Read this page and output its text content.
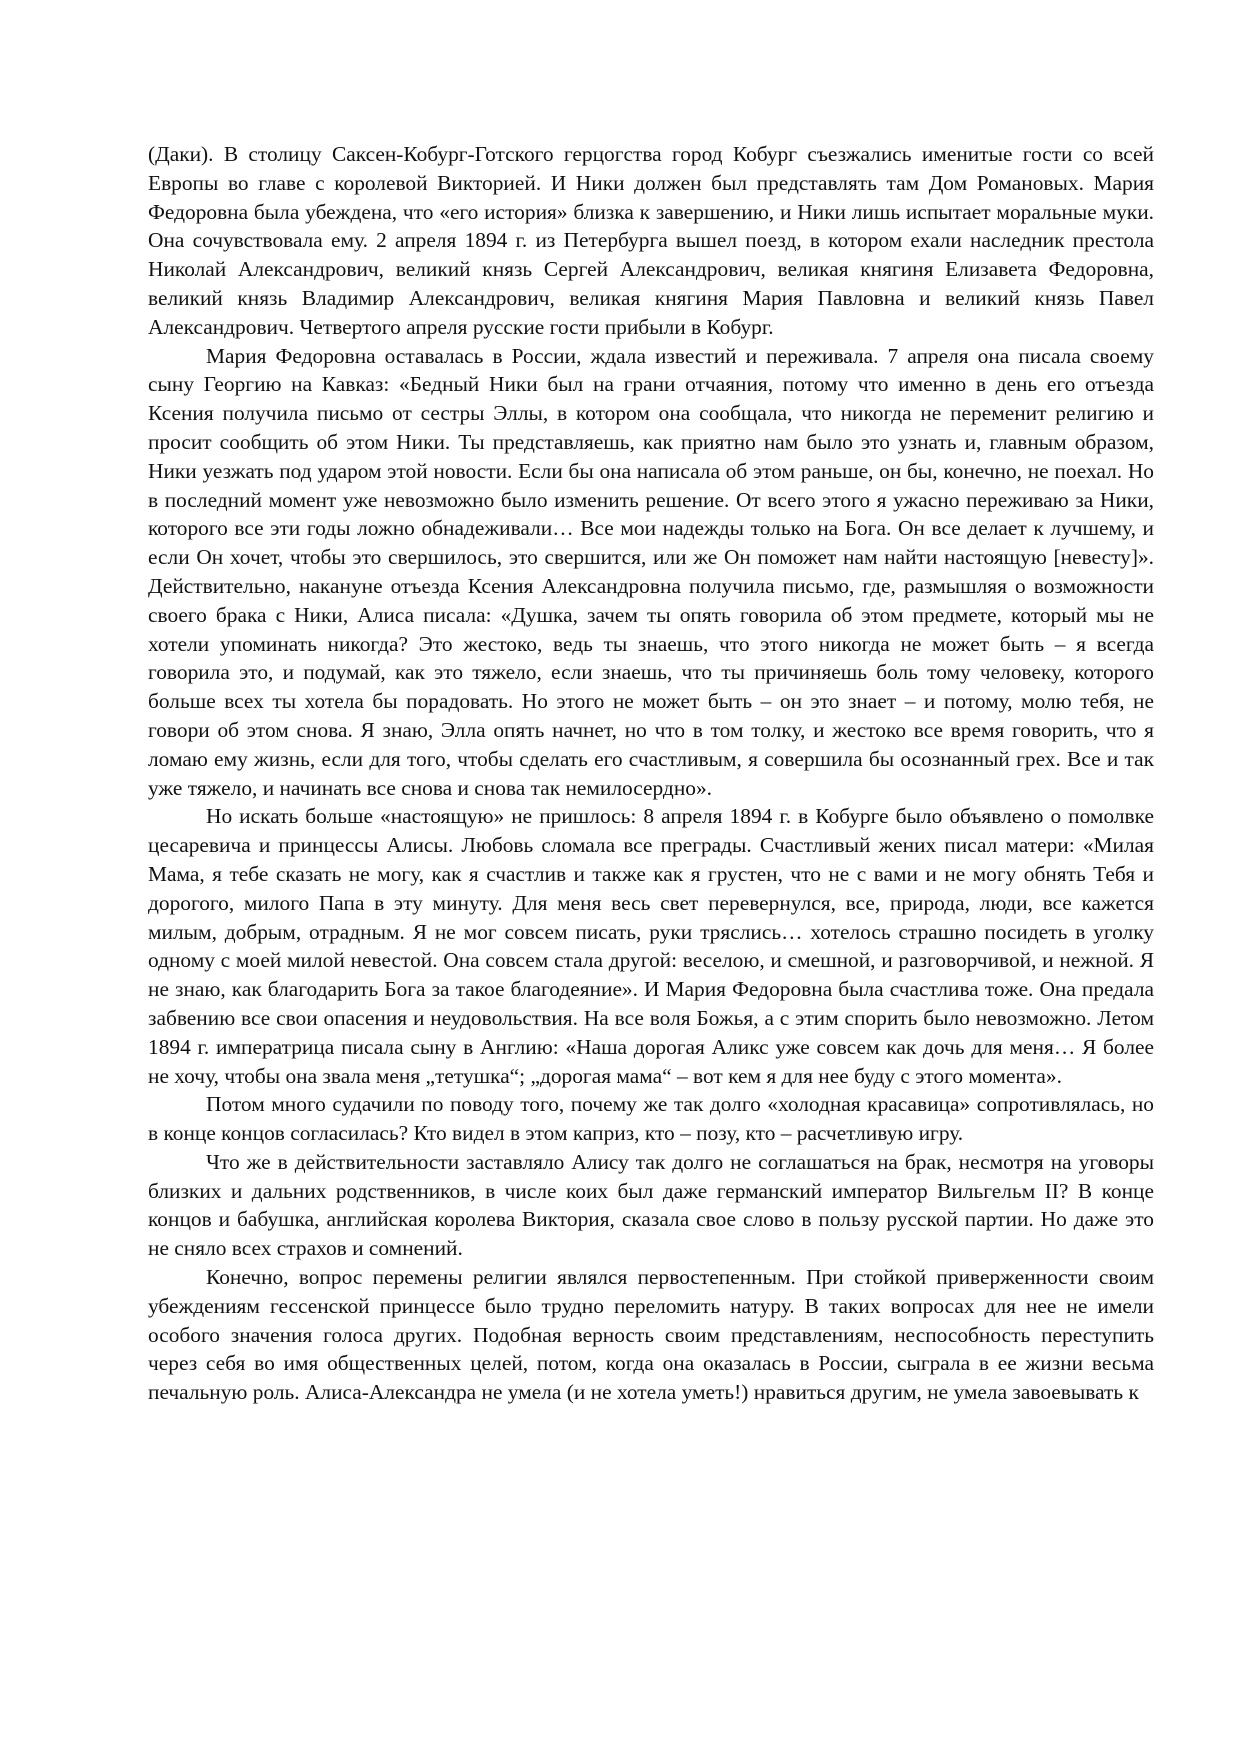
(Даки). В столицу Саксен-Кобург-Готского герцогства город Кобург съезжались именитые гости со всей Европы во главе с королевой Викторией. И Ники должен был представлять там Дом Романовых. Мария Федоровна была убеждена, что «его история» близка к завершению, и Ники лишь испытает моральные муки. Она сочувствовала ему. 2 апреля 1894 г. из Петербурга вышел поезд, в котором ехали наследник престола Николай Александрович, великий князь Сергей Александрович, великая княгиня Елизавета Федоровна, великий князь Владимир Александрович, великая княгиня Мария Павловна и великий князь Павел Александрович. Четвертого апреля русские гости прибыли в Кобург.

Мария Федоровна оставалась в России, ждала известий и переживала. 7 апреля она писала своему сыну Георгию на Кавказ: «Бедный Ники был на грани отчаяния, потому что именно в день его отъезда Ксения получила письмо от сестры Эллы, в котором она сообщала, что никогда не переменит религию и просит сообщить об этом Ники. Ты представляешь, как приятно нам было это узнать и, главным образом, Ники уезжать под ударом этой новости. Если бы она написала об этом раньше, он бы, конечно, не поехал. Но в последний момент уже невозможно было изменить решение. От всего этого я ужасно переживаю за Ники, которого все эти годы ложно обнадеживали… Все мои надежды только на Бога. Он все делает к лучшему, и если Он хочет, чтобы это свершилось, это свершится, или же Он поможет нам найти настоящую [невесту]». Действительно, накануне отъезда Ксения Александровна получила письмо, где, размышляя о возможности своего брака с Ники, Алиса писала: «Душка, зачем ты опять говорила об этом предмете, который мы не хотели упоминать никогда? Это жестоко, ведь ты знаешь, что этого никогда не может быть – я всегда говорила это, и подумай, как это тяжело, если знаешь, что ты причиняешь боль тому человеку, которого больше всех ты хотела бы порадовать. Но этого не может быть – он это знает – и потому, молю тебя, не говори об этом снова. Я знаю, Элла опять начнет, но что в том толку, и жестоко все время говорить, что я ломаю ему жизнь, если для того, чтобы сделать его счастливым, я совершила бы осознанный грех. Все и так уже тяжело, и начинать все снова и снова так немилосердно».

Но искать больше «настоящую» не пришлось: 8 апреля 1894 г. в Кобурге было объявлено о помолвке цесаревича и принцессы Алисы. Любовь сломала все преграды. Счастливый жених писал матери: «Милая Мама, я тебе сказать не могу, как я счастлив и также как я грустен, что не с вами и не могу обнять Тебя и дорогого, милого Папа в эту минуту. Для меня весь свет перевернулся, все, природа, люди, все кажется милым, добрым, отрадным. Я не мог совсем писать, руки тряслись… хотелось страшно посидеть в уголку одному с моей милой невестой. Она совсем стала другой: веселою, и смешной, и разговорчивой, и нежной. Я не знаю, как благодарить Бога за такое благодеяние». И Мария Федоровна была счастлива тоже. Она предала забвению все свои опасения и неудовольствия. На все воля Божья, а с этим спорить было невозможно. Летом 1894 г. императрица писала сыну в Англию: «Наша дорогая Аликс уже совсем как дочь для меня… Я более не хочу, чтобы она звала меня „тетушка“; „дорогая мама“ – вот кем я для нее буду с этого момента».

Потом много судачили по поводу того, почему же так долго «холодная красавица» сопротивлялась, но в конце концов согласилась? Кто видел в этом каприз, кто – позу, кто – расчетливую игру.

Что же в действительности заставляло Алису так долго не соглашаться на брак, несмотря на уговоры близких и дальних родственников, в числе коих был даже германский император Вильгельм II? В конце концов и бабушка, английская королева Виктория, сказала свое слово в пользу русской партии. Но даже это не сняло всех страхов и сомнений.

Конечно, вопрос перемены религии являлся первостепенным. При стойкой приверженности своим убеждениям гессенской принцессе было трудно переломить натуру. В таких вопросах для нее не имели особого значения голоса других. Подобная верность своим представлениям, неспособность переступить через себя во имя общественных целей, потом, когда она оказалась в России, сыграла в ее жизни весьма печальную роль. Алиса-Александра не умела (и не хотела уметь!) нравиться другим, не умела завоевывать к
